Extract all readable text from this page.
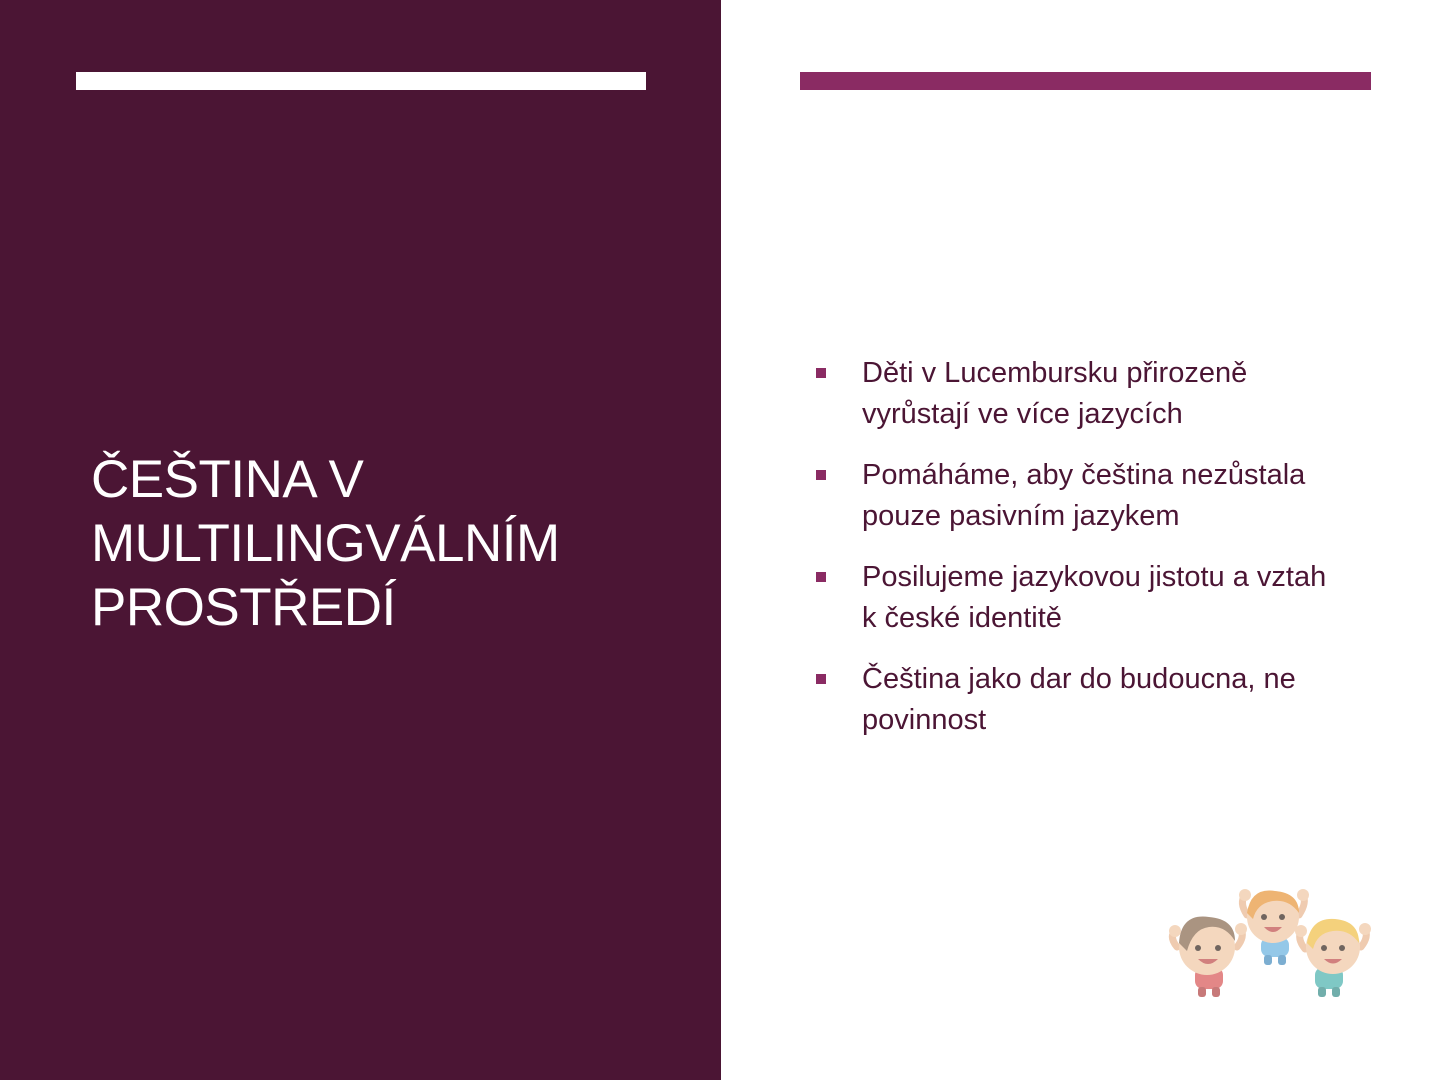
ČEŠTINA V
MULTILINGVÁLNÍM
PROSTŘEDÍ
Děti v Lucembursku přirozeně
vyrůstají ve více jazycích
Pomáháme, aby čeština nezůstala
pouze pasivním jazykem
Posilujeme jazykovou jistotu a vztah
k české identitě
Čeština jako dar do budoucna, ne
povinnost
